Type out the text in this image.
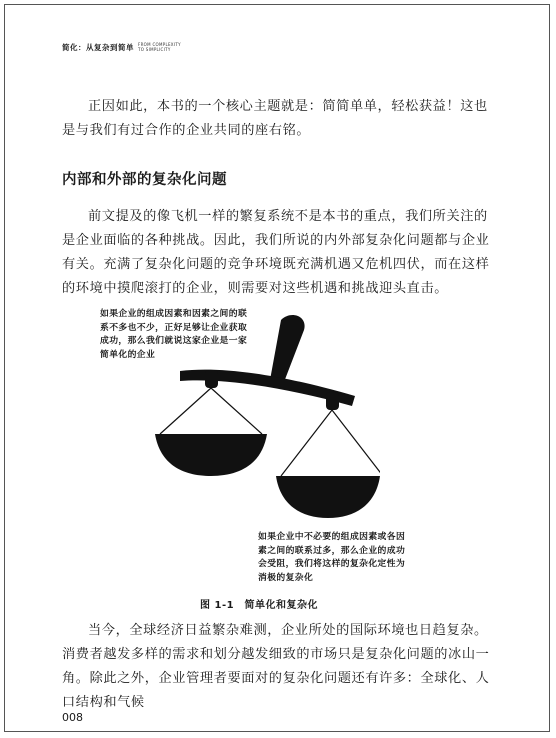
简化：从复杂到简单 FROM COMPLEXITY
TO SIMPLICITY

正因如此，本书的一个核心主题就是：简简单单，轻松获益！这也是与我们有过合作的企业共同的座右铭。

内部和外部的复杂化问题

前文提及的像飞机一样的繁复系统不是本书的重点，我们所关注的是企业面临的各种挑战。因此，我们所说的内外部复杂化问题都与企业有关。充满了复杂化问题的竞争环境既充满机遇又危机四伏，而在这样的环境中摸爬滚打的企业，则需要对这些机遇和挑战迎头直击。

如果企业的组成因素和因素之间的联系不多也不少，正好足够让企业获取成功，那么我们就说这家企业是一家简单化的企业

如果企业中不必要的组成因素或各因素之间的联系过多，那么企业的成功会受阻，我们将这样的复杂化定性为消极的复杂化

图 1-1　简单化和复杂化

当今，全球经济日益繁杂难测，企业所处的国际环境也日趋复杂。消费者越发多样的需求和划分越发细致的市场只是复杂化问题的冰山一角。除此之外，企业管理者要面对的复杂化问题还有许多：全球化、人口结构和气候

008
